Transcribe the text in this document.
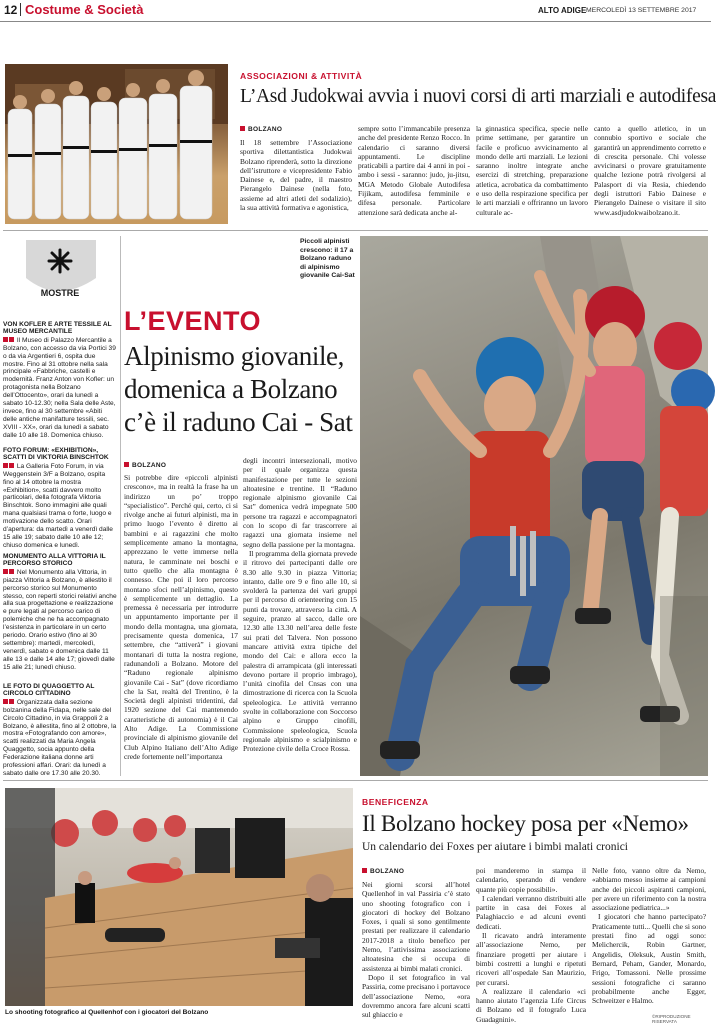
12 Costume & Società	ALTO ADIGE MERCOLEDÌ 13 SETTEMBRE 2017
ASSOCIAZIONI & ATTIVITÀ
L’Asd Judokwai avvia i nuovi corsi di arti marziali e autodifesa
BOLZANO

Il 18 settembre l’Associazione sportiva dilettantistica Judokwai Bolzano riprenderà, sotto la direzione dell’istruttore e vicepresidente Fabio Dainese e, del padre, il maestro Pierangelo Dainese (nella foto, assieme ad altri atleti del sodalizio), la sua attività formativa e agonistica,

sempre sotto l’immancabile presenza anche del presidente Renzo Rocco. In calendario ci saranno diversi appuntamenti. Le discipline praticabili a partire dai 4 anni in poi - ambo i sessi - saranno: judo, ju-jitsu, MGA Metodo Globale Autodifesa Fijikam, autodifesa femminile e difesa personale. Particolare attenzione sarà dedicata anche al-

la ginnastica specifica, specie nelle prime settimane, per garantire un facile e proficuo avvicinamento al mondo delle arti marziali. Le lezioni saranno inoltre integrate anche esercizi di stretching, preparazione atletica, acrobatica da combattimento e uso della respirazione specifica per le arti marziali e offriranno un lavoro culturale ac-

canto a quello atletico, in un connubio sportivo e sociale che garantirà un apprendimento corretto e di crescita personale. Chi volesse avvicinarsi o provare gratuitamente qualche lezione potrà rivolgersi al Palasport di via Resia, chiedendo degli istruttori Fabio Dainese e Pierangelo Dainese o visitare il sito www.asdjudokwaibolzano.it.

MOSTRE
VON KOFLER E ARTE TESSILE AL MUSEO MERCANTILE

Il Museo di Palazzo Mercantile a Bolzano, con accesso da via Portici 39 o da via Argentieri 6, ospita due mostre. Fino al 31 ottobre nella sala principale «Fabbriche, castelli e modernità. Franz Anton von Kofler: un protagonista nella Bolzano dell’Ottocento», orari da lunedì a sabato 10-12.30; nella Sala delle Aste, invece, fino al 30 settembre «Abiti delle antiche manifatture tessili, sec. XVIII - XX», orari da lunedì a sabato dalle 10 alle 18. Domenica chiuso.

FOTO FORUM: «EXHIBITION», SCATTI DI VIKTORIA BINSCHTOK

La Galleria Foto Forum, in via Weggenstein 3/F a Bolzano, ospita fino al 14 ottobre la mostra «Exhibition», scatti davvero molto particolari, della fotografa Viktoria Binschtok. Sono immagini alle quali mana qualsiasi trama o forte, luogo e motivazione dello scatto. Orari d’apertura: da martedì a venerdì dalle 15 alle 19; sabato dalle 10 alle 12; chiuso domenica e lunedì.

MONUMENTO ALLA VITTORIA IL PERCORSO STORICO

Nel Monumento alla Vittoria, in piazza Vittoria a Bolzano, è allestito il percorso storico sul Monumento stesso, con reperti storici relativi anche alla sua progettazione e realizzazione e pure legati al percorso carico di polemiche che ne ha accompagnato l’esistenza in particolare in un certo periodo. Orario estivo (fino al 30 settembre): martedì, mercoledì, venerdì, sabato e domenica dalle 11 alle 13 e dalle 14 alle 17; giovedì dalle 15 alle 21; lunedì chiuso.

LE FOTO DI QUAGGETTO AL CIRCOLO CITTADINO

Organizzata dalla sezione bolzanina della Fidapa, nelle sale del Circolo Cittadino, in via Grappoli 2 a Bolzano, è allestita, fino al 2 ottobre, la mostra «Fotografando con amore», scatti realizzati da Maria Angela Quaggetto, socia appunto della Federazione italiana donne arti professioni affari. Orari: da lunedì a sabato dalle ore 17.30 alle 20.30.

L’EVENTO
Alpinismo giovanile, domenica a Bolzano c’è il raduno Cai - Sat
Piccoli alpinisti crescono: il 17 a Bolzano raduno di alpinismo giovanile Cai-Sat
BOLZANO

Si potrebbe dire «piccoli alpinisti crescono», ma in realtà la frase ha un indirizzo un po’ troppo “specialistico”. Perché qui, certo, ci si rivolge anche ai futuri alpinisti, ma in primo luogo l’evento è diretto ai bambini e ai ragazzini che molto semplicemente amano la montagna, apprezzano le vette immerse nella natura, le camminate nei boschi e tutto quello che alla montagna è connesso. Che poi il loro percorso montano sfoci nell’alpinismo, questo è semplicemente un dettaglio. La premessa è necessaria per introdurre un appuntamento importante per il mondo della montagna, una giornata, precisamente questa domenica, 17 settembre, che “attiverà” i giovani montanari di tutta la nostra regione, radunandoli a Bolzano. Motore del “Raduno regionale alpinismo giovanile Cai - Sat” (dove ricordiamo che la Sat, realtà del Trentino, è la Società degli alpinisti tridentini, dal 1920 sezione del Cai mantenendo caratteristiche di autonomia) è il Cai Alto Adige. La Commissione provinciale di alpinismo giovanile del Club Alpino Italiano dell’Alto Adige crede fortemente nell’importanza

degli incontri intersezionali, motivo per il quale organizza questa manifestazione per tutte le sezioni altoatesine e trentine. Il “Raduno regionale alpinismo giovanile Cai Sat” domenica vedrà impegnate 500 persone tra ragazzi e accompagnatori con lo scopo di far trascorrere ai ragazzi una giornata insieme nel segno della passione per la montagna.

Il programma della giornata prevede il ritrovo dei partecipanti dalle ore 8.30 alle 9.30 in piazza Vittoria; intanto, dalle ore 9 e fino alle 10, si svolderà la partenza dei vari gruppi per il percorso di orienteering con 15 punti da trovare, attraverso la città. A seguire, pranzo al sacco, dalle ore 12.30 alle 13.30 nell’area delle feste sui prati del Talvera. Non possono mancare attività extra tipiche del mondo del Cai: e allora ecco la palestra di arrampicata (gli interessati devono portare il proprio imbrago), l’unità cinofila del Cnsas con una dimostrazione di ricerca con la Scuola speleologica. Le attività verranno svolte in collaborazione con Soccorso alpino e Gruppo cinofili, Commissione speleologica, Scuola regionale alpinismo e scialpinismo e Protezione civile della Croce Rossa.

Lo shooting fotografico al Quellenhof con i giocatori del Bolzano
BENEFICENZA
Il Bolzano hockey posa per «Nemo»
Un calendario dei Foxes per aiutare i bimbi malati cronici
BOLZANO

Nei giorni scorsi all’hotel Quellenhof in val Passiria c’è stato uno shooting fotografico con i giocatori di hockey del Bolzano Foxes, i quali si sono gentilmente prestati per realizzare il calendario 2017-2018 a titolo benefico per Nemo, l’attivissima associazione altoatesina che si occupa di assistenza ai bimbi malati cronici.

Dopo il set fotografico in val Passiria, come precisano i portavoce dell’associazione Nemo, «ora dovremmo ancora fare alcuni scatti sul ghiaccio e

poi manderemo in stampa il calendario, sperando di vendere quante più copie possibili».

I calendari verranno distribuiti alle partite in casa dei Foxes al Palaghiaccio e ad alcuni eventi dedicati.

Il ricavato andrà interamente all’associazione Nemo, per finanziare progetti per aiutare i bimbi costretti a lunghi e ripetuti ricoveri all’ospedale San Maurizio, per curarsi.

A realizzare il calendario «ci hanno aiutato l’agenzia Life Circus di Bolzano ed il fotografo Luca Guadagnini».

Nelle foto, vanno oltre da Nemo, «abbiamo messo insieme ai campioni anche dei piccoli aspiranti campioni, per avere un riferimento con la nostra associazione pediatrica...»

I giocatori che hanno partecipato? Praticamente tutti... Quelli che si sono prestati fino ad oggi sono: Melichercik, Robin Gartner, Angelidis, Oleksuk, Austin Smith, Bernard, Peham, Gander, Monardo, Frigo, Tomassoni. Nelle prossime sessioni fotografiche ci saranno probabilmente anche Egger, Schweitzer e Halmo.

©RIPRODUZIONE RISERVATA
